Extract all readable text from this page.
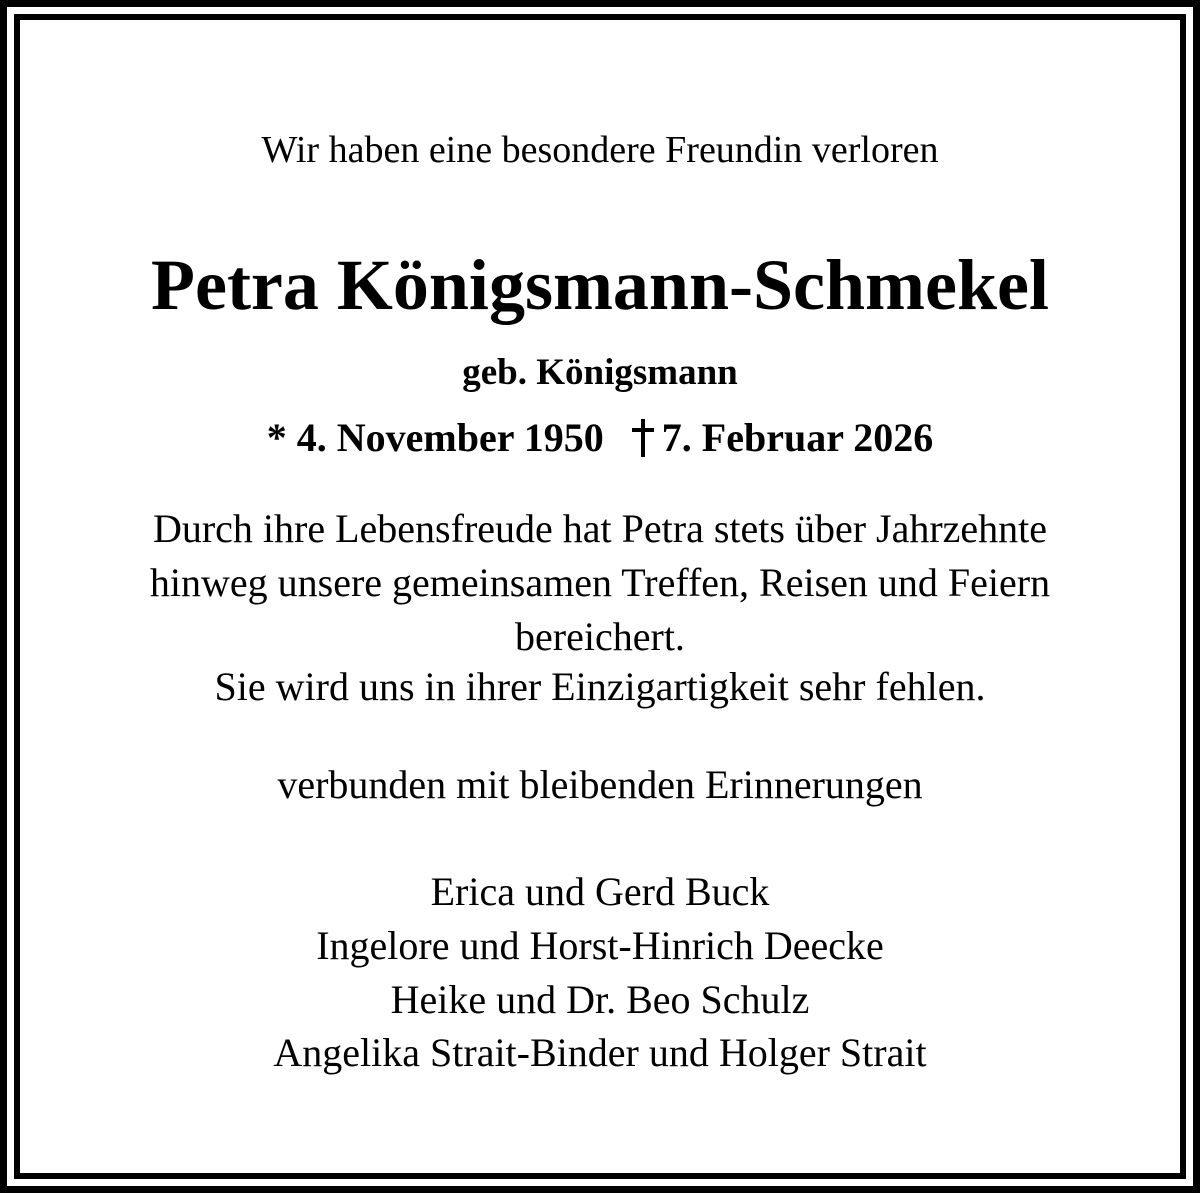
Wir haben eine besondere Freundin verloren
Petra Königsmann-Schmekel
geb. Königsmann
* 4. November 1950 7. Februar 2026
Durch ihre Lebensfreude hat Petra stets über Jahrzehnte
hinweg unsere gemeinsamen Treffen, Reisen und Feiern
bereichert.
Sie wird uns in ihrer Einzigartigkeit sehr fehlen.
verbunden mit bleibenden Erinnerungen
Erica und Gerd Buck
Ingelore und Horst-Hinrich Deecke
Heike und Dr. Beo Schulz
Angelika Strait-Binder und Holger Strait
